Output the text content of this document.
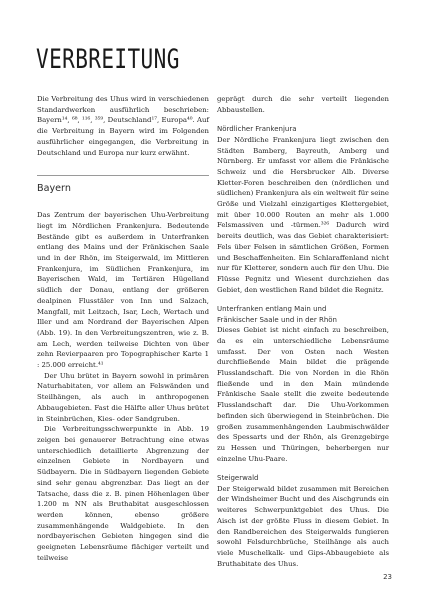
VERBREITUNG

Die Verbreitung des Uhus wird in verschiedenen Standardwerken ausführlich beschrieben: Bayern¹⁴, ⁶⁸, ¹¹⁶, ³⁵⁹, Deutschland¹⁷, Europa⁴⁰. Auf die Verbreitung in Bayern wird im Folgenden ausführlicher eingegangen, die Verbreitung in Deutschland und Europa nur kurz erwähnt.

Bayern

Das Zentrum der bayerischen Uhu-Verbreitung liegt im Nördlichen Frankenjura. Bedeutende Bestände gibt es außerdem in Unterfranken entlang des Mains und der Fränkischen Saale und in der Rhön, im Steigerwald, im Mittleren Frankenjura, im Südlichen Frankenjura, im Bayerischen Wald, im Tertiären Hügelland südlich der Donau, entlang der größeren dealpinen Flusstäler von Inn und Salzach, Mangfall, mit Leitzach, Isar, Lech, Wertach und Iller und am Nordrand der Bayerischen Alpen (Abb. 19). In den Verbreitungszentren, wie z. B. am Lech, werden teilweise Dichten von über zehn Revierpaaren pro Topographischer Karte 1 : 25.000 erreicht.⁴¹

Der Uhu brütet in Bayern sowohl in primären Naturhabitaten, vor allem an Felswänden und Steilhängen, als auch in anthropogenen Abbaugebieten. Fast die Hälfte aller Uhus brütet in Steinbrüchen, Kies- oder Sandgruben.

Die Verbreitungsschwerpunkte in Abb. 19 zeigen bei genauerer Betrachtung eine etwas unterschiedlich detaillierte Abgrenzung der einzelnen Gebiete in Nordbayern und Südbayern. Die in Südbayern liegenden Gebiete sind sehr genau abgrenzbar. Das liegt an der Tatsache, dass die z. B. pinen Höhenlagen über 1.200 m NN als Bruthabitat ausgeschlossen werden können, ebenso größere zusammenhängende Waldgebiete. In den nordbayerischen Gebieten hingegen sind die geeigneten Lebensräume flächiger verteilt und teilweise

geprägt durch die sehr verteilt liegenden Abbaustellen.

Nördlicher Frankenjura

Der Nördliche Frankenjura liegt zwischen den Städten Bamberg, Bayreuth, Amberg und Nürnberg. Er umfasst vor allem die Fränkische Schweiz und die Hersbrucker Alb. Diverse Kletter-Foren beschreiben den (nördlichen und südlichen) Frankenjura als ein weltweit für seine Größe und Vielzahl einzigartiges Klettergebiet, mit über 10.000 Routen an mehr als 1.000 Felsmassiven und -türmen.³²⁶ Dadurch wird bereits deutlich, was das Gebiet charakterisiert: Fels über Felsen in sämtlichen Größen, Formen und Beschaffenheiten. Ein Schlaraffenland nicht nur für Kletterer, sondern auch für den Uhu. Die Flüsse Pegnitz und Wiesent durchziehen das Gebiet, den westlichen Rand bildet die Regnitz.

Unterfranken entlang Main und
Fränkischer Saale und in der Rhön

Dieses Gebiet ist nicht einfach zu beschreiben, da es ein unterschiedliche Lebensräume umfasst. Der von Osten nach Westen durchfließende Main bildet die prägende Flusslandschaft. Die von Norden in die Rhön fließende und in den Main mündende Fränkische Saale stellt die zweite bedeutende Flusslandschaft dar. Die Uhu-Vorkommen befinden sich überwiegend in Steinbrüchen. Die großen zusammenhängenden Laubmischwälder des Spessarts und der Rhön, als Grenzgebirge zu Hessen und Thüringen, beherbergen nur einzelne Uhu-Paare.

Steigerwald

Der Steigerwald bildet zusammen mit Bereichen der Windsheimer Bucht und des Aischgrunds ein weiteres Schwerpunktgebiet des Uhus. Die Aisch ist der größte Fluss in diesem Gebiet. In den Randbereichen des Steigerwalds fungieren sowohl Felsdurchbrüche, Steilhänge als auch viele Muschelkalk- und Gips-Abbaugebiete als Bruthabitate des Uhus.

23
